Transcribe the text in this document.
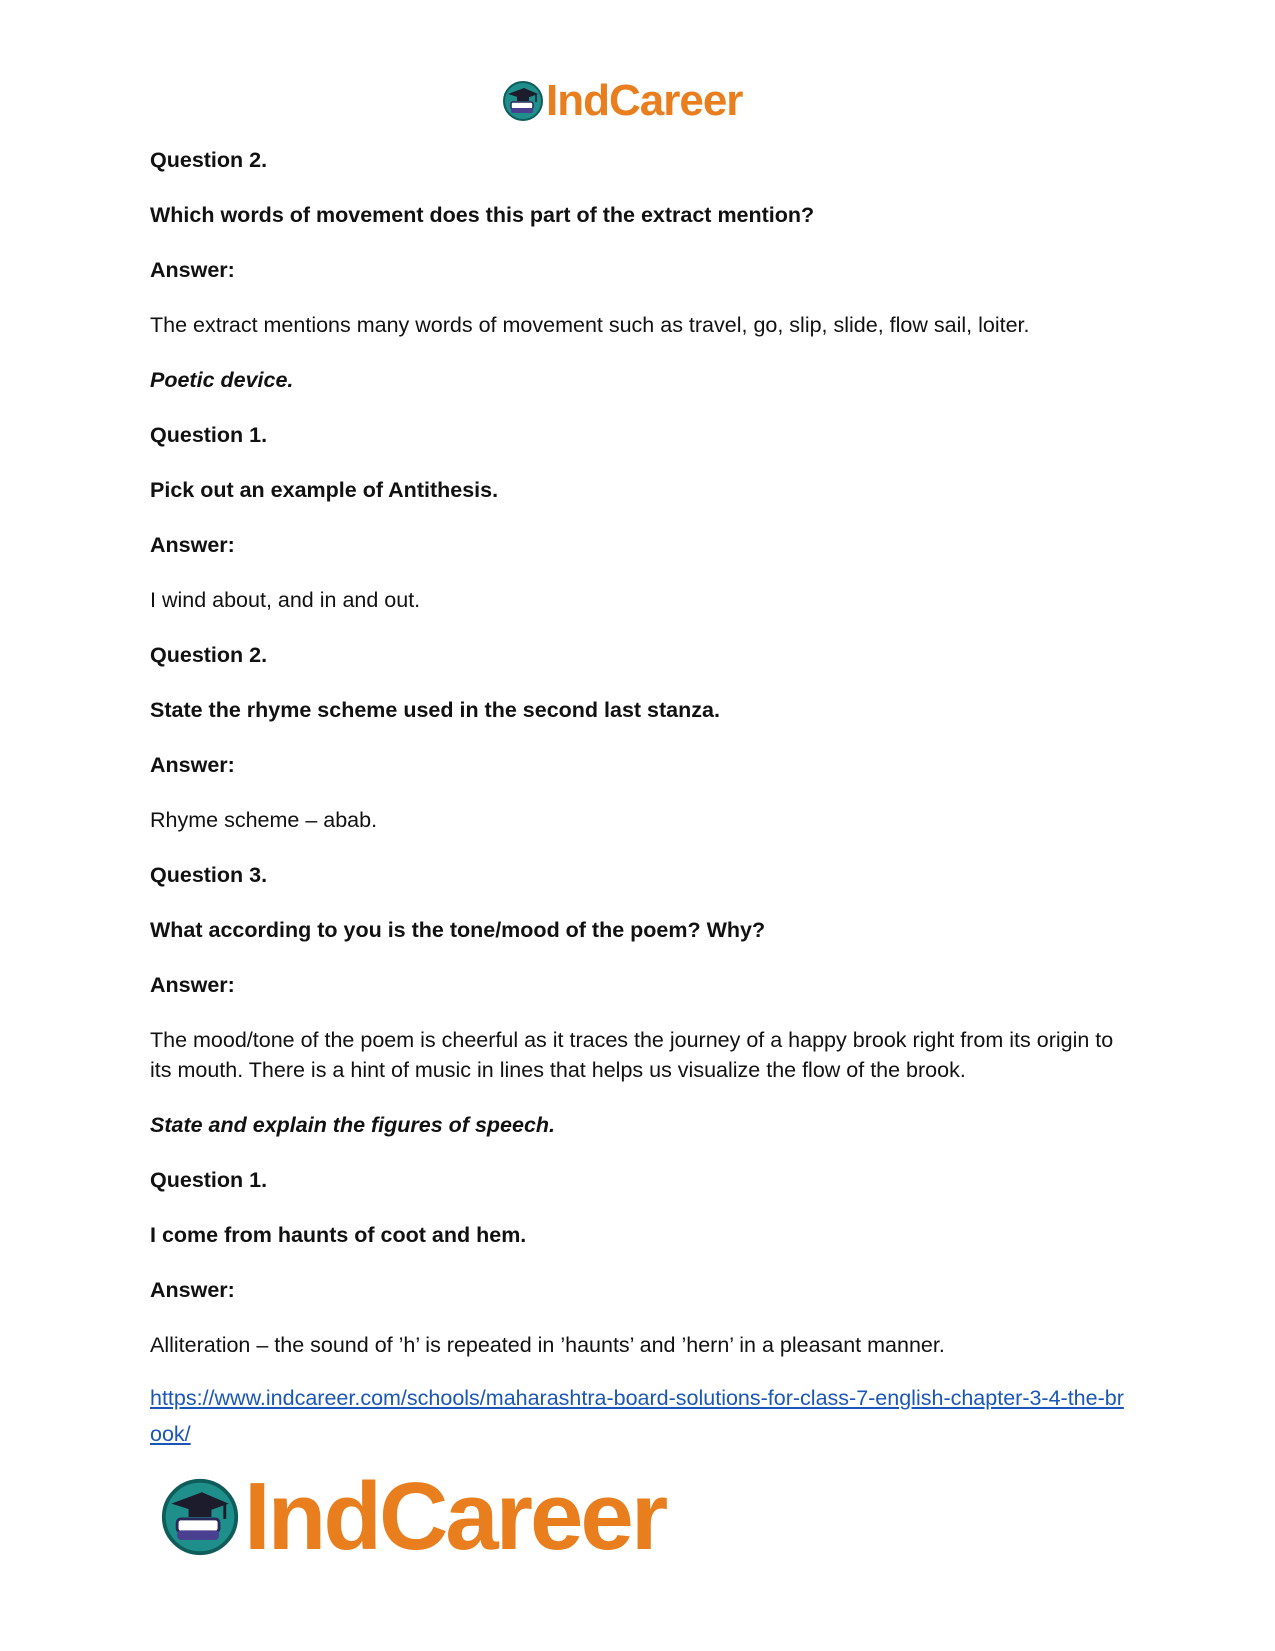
IndCareer

Question 2.

Which words of movement does this part of the extract mention?

Answer:

The extract mentions many words of movement such as travel, go, slip, slide, flow sail, loiter.

Poetic device.

Question 1.

Pick out an example of Antithesis.

Answer:

I wind about, and in and out.

Question 2.

State the rhyme scheme used in the second last stanza.

Answer:

Rhyme scheme – abab.

Question 3.

What according to you is the tone/mood of the poem? Why?

Answer:

The mood/tone of the poem is cheerful as it traces the journey of a happy brook right from its origin to its mouth. There is a hint of music in lines that helps us visualize the flow of the brook.

State and explain the figures of speech.

Question 1.

I come from haunts of coot and hem.

Answer:

Alliteration – the sound of ’h’ is repeated in ’haunts’ and ’hern’ in a pleasant manner.

https://www.indcareer.com/schools/maharashtra-board-solutions-for-class-7-english-chapter-3-4-the-brook/
IndCareer
